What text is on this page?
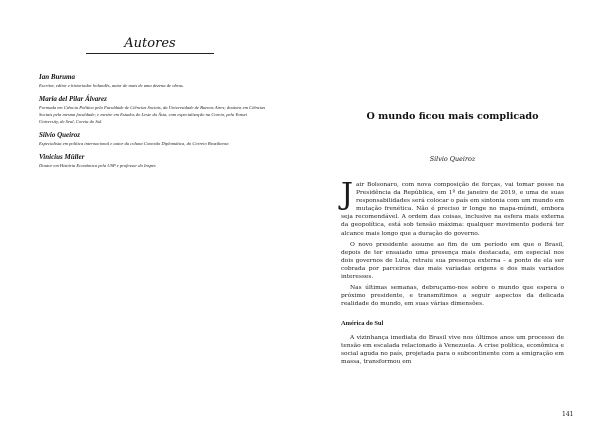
Autores
Ian Buruma
Escritor, editor e historiador holandês, autor de mais de uma dezena de obras.
Maria del Pilar Álvarez
Formada em Ciência Política pela Faculdade de Ciências Sociais, da Universidade de Buenos Aires; doutora em Ciências Sociais pela mesma faculdade; e mestre em Estudos do Leste da Ásia, com especialização na Coreia, pela Yonsei University, de Seul, Coreia do Sul.
Silvio Queiroz
Especialista em política internacional e autor da coluna Conexão Diplomática, do Correio Braziliense.
Vinicius Müller
Doutor em História Econômica pela USP e professor do Insper.
O mundo ficou mais complicado
Silvio Queiroz

Jair Bolsonaro, com nova composição de forças, vai tomar posse na Presidência da República, em 1º de janeiro de 2019, e uma de suas responsabilidades será colocar o país em sintonia com um mundo em mutação frenética. Não é preciso ir longe no mapa-múndi, embora seja recomendável. A ordem das coisas, inclusive na esfera mais externa da geopolítica, está sob tensão máxima: qualquer movimento poderá ter alcance mais longo que a duração do governo.

O novo presidente assume ao fim de um período em que o Brasil, depois de ter ensaiado uma presença mais destacada, em especial nos dois governos de Lula, retraiu sua presença externa – a ponto de ela ser cobrada por parceiros das mais variadas origens e dos mais variados interesses.

Nas últimas semanas, debruçamo-nos sobre o mundo que espera o próximo presidente, e transmitimos a seguir aspectos da delicada realidade do mundo, em suas várias dimensões.

América do Sul

A vizinhança imediata do Brasil vive nos últimos anos um processo de tensão em escalada relacionado à Venezuela. A crise política, econômica e social aguda no país, projetada para o subcontinente com a emigração em massa, transformou em

141
